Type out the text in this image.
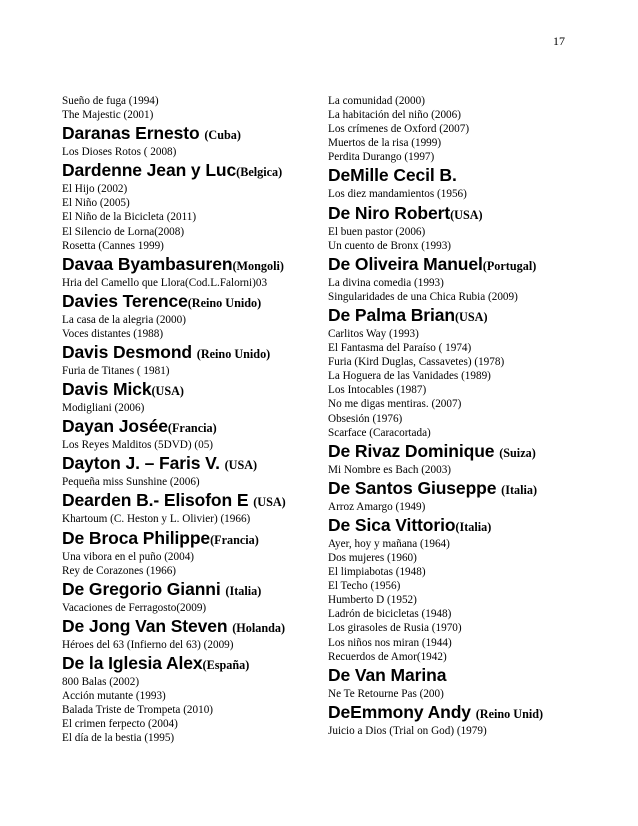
17
Sueño de fuga (1994)
The Majestic (2001)
Daranas Ernesto (Cuba)
Los Dioses Rotos ( 2008)
Dardenne Jean y Luc(Belgica)
El Hijo (2002)
El Niño (2005)
El Niño de la Bicicleta (2011)
El Silencio de Lorna(2008)
Rosetta (Cannes 1999)
Davaa Byambasuren(Mongoli)
Hria del Camello que Llora(Cod.L.Falorni)03
Davies Terence(Reino Unido)
La casa de la alegria (2000)
Voces distantes (1988)
Davis Desmond (Reino Unido)
Furia de Titanes ( 1981)
Davis Mick(USA)
Modigliani (2006)
Dayan Josée(Francia)
Los Reyes Malditos (5DVD) (05)
Dayton J. – Faris V. (USA)
Pequeña miss Sunshine (2006)
Dearden B.- Elisofon E (USA)
Khartoum (C. Heston y L. Olivier) (1966)
De Broca Philippe(Francia)
Una vibora en el puño (2004)
Rey de Corazones (1966)
De Gregorio Gianni (Italia)
Vacaciones de Ferragosto(2009)
De Jong Van Steven (Holanda)
Héroes del 63 (Infierno del 63) (2009)
De la Iglesia Alex(España)
800 Balas (2002)
Acción mutante (1993)
Balada Triste de Trompeta (2010)
El crimen ferpecto (2004)
El día de la bestia (1995)
La comunidad (2000)
La habitación del niño (2006)
Los crímenes de Oxford (2007)
Muertos de la risa (1999)
Perdita Durango (1997)
DeMille Cecil B.
Los diez mandamientos (1956)
De Niro Robert(USA)
El buen pastor (2006)
Un cuento de Bronx (1993)
De Oliveira Manuel(Portugal)
La divina comedia (1993)
Singularidades de una Chica Rubia (2009)
De Palma Brian(USA)
Carlitos Way (1993)
El Fantasma del Paraíso ( 1974)
Furia (Kird Duglas, Cassavetes) (1978)
La Hoguera de las Vanidades (1989)
Los Intocables (1987)
No me digas mentiras. (2007)
Obsesión (1976)
Scarface (Caracortada)
De Rivaz Dominique (Suiza)
Mi Nombre es Bach (2003)
De Santos Giuseppe (Italia)
Arroz Amargo (1949)
De Sica Vittorio(Italia)
Ayer, hoy y mañana (1964)
Dos mujeres (1960)
El limpiabotas (1948)
El Techo (1956)
Humberto D (1952)
Ladrón de bicicletas (1948)
Los girasoles de Rusia (1970)
Los niños nos miran (1944)
Recuerdos de Amor(1942)
De Van Marina
Ne Te Retourne Pas (200)
DeEmmony Andy (Reino Unid)
Juicio a Dios (Trial on God) (1979)
